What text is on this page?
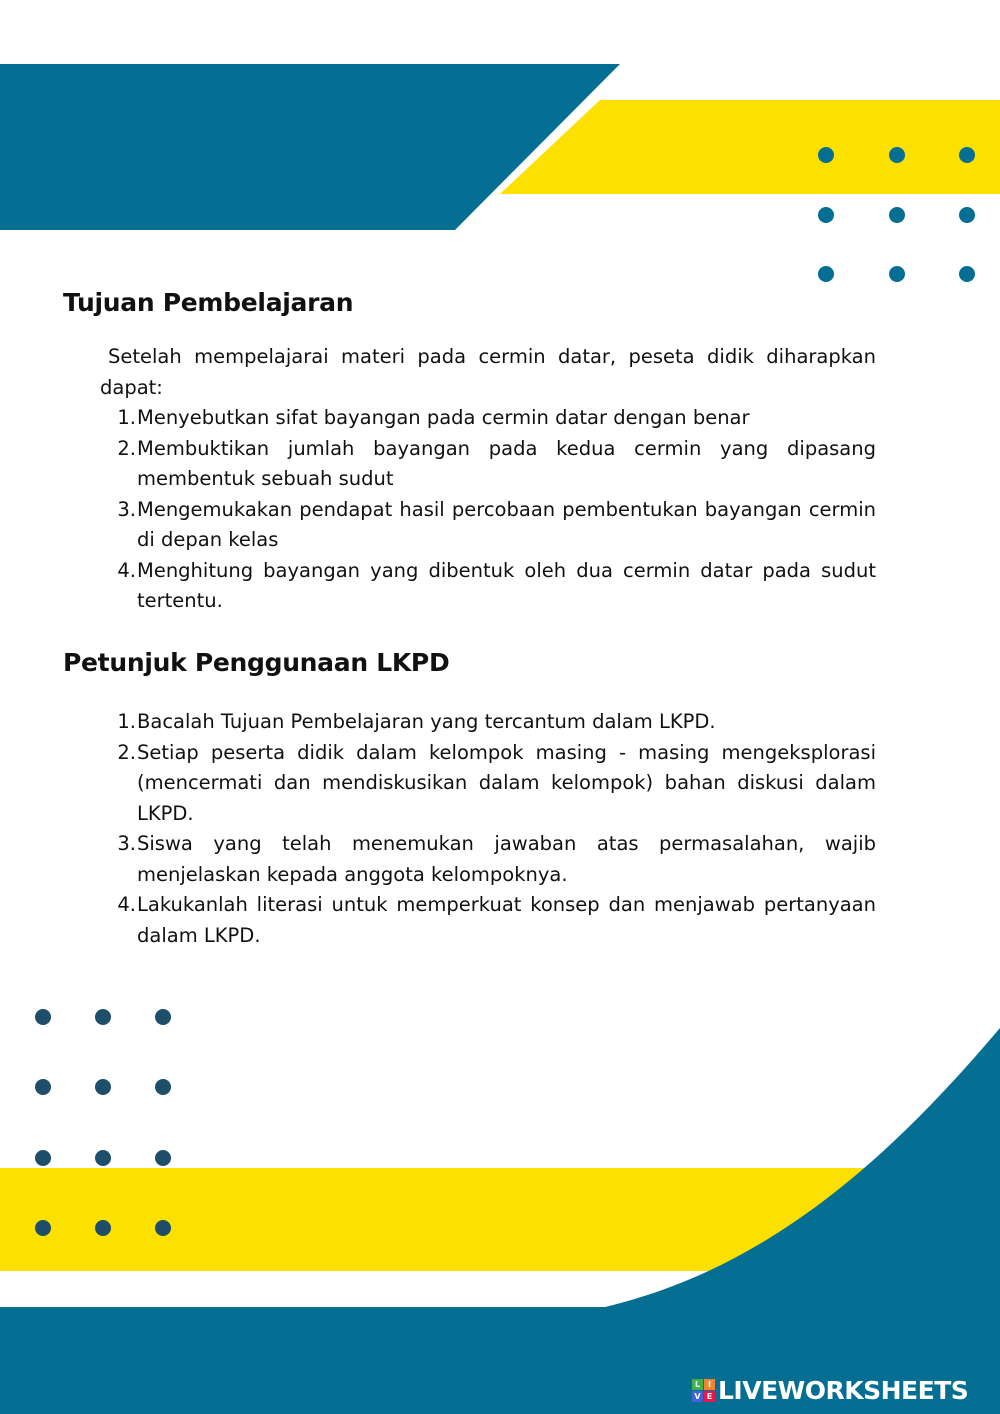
Tujuan Pembelajaran

Setelah mempelajarai materi pada cermin datar, peseta didik diharapkan dapat:

1. Menyebutkan sifat bayangan pada cermin datar dengan benar
2. Membuktikan jumlah bayangan pada kedua cermin yang dipasang membentuk sebuah sudut
3. Mengemukakan pendapat hasil percobaan pembentukan bayangan cermin di depan kelas
4. Menghitung bayangan yang dibentuk oleh dua cermin datar pada sudut tertentu.
Petunjuk Penggunaan LKPD
1. Bacalah Tujuan Pembelajaran yang tercantum dalam LKPD.
2. Setiap peserta didik dalam kelompok masing - masing mengeksplorasi (mencermati dan mendiskusikan dalam kelompok) bahan diskusi dalam LKPD.
3. Siswa yang telah menemukan jawaban atas permasalahan, wajib menjelaskan kepada anggota kelompoknya.
4. Lakukanlah literasi untuk memperkuat konsep dan menjawab pertanyaan dalam LKPD.
L I
V E LIVEWORKSHEETS
